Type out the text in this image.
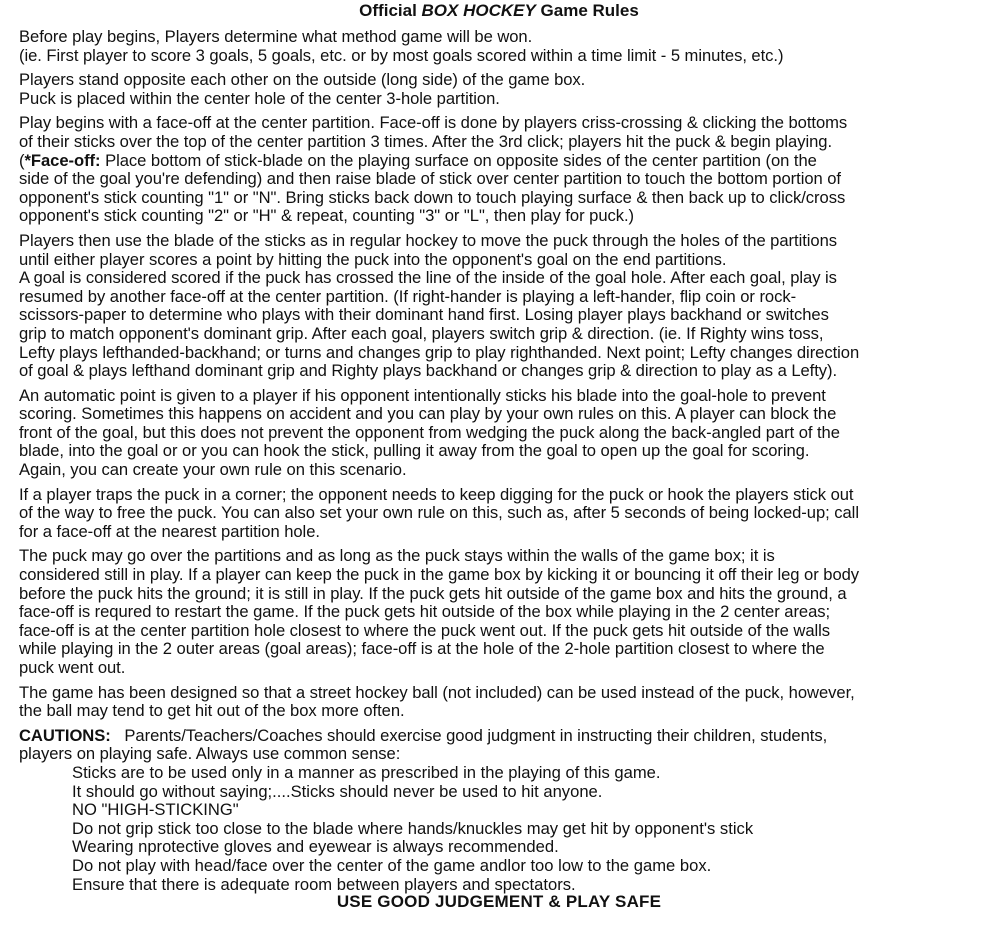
Official BOX HOCKEY Game Rules
Before play begins, Players determine what method game will be won.
(ie. First player to score 3 goals, 5 goals, etc. or by most goals scored within a time limit - 5 minutes, etc.)
Players stand opposite each other on the outside (long side) of the game box.
Puck is placed within the center hole of the center 3-hole partition.
Play begins with a face-off at the center partition. Face-off is done by players criss-crossing & clicking the bottoms
of their sticks over the top of the center partition 3 times. After the 3rd click; players hit the puck & begin playing.
(*Face-off: Place bottom of stick-blade on the playing surface on opposite sides of the center partition (on the
side of the goal you're defending) and then raise blade of stick over center partition to touch the bottom portion of
opponent's stick counting "1" or "N". Bring sticks back down to touch playing surface & then back up to click/cross
opponent's stick counting "2" or "H" & repeat, counting "3" or "L", then play for puck.)
Players then use the blade of the sticks as in regular hockey to move the puck through the holes of the partitions
until either player scores a point by hitting the puck into the opponent's goal on the end partitions.
A goal is considered scored if the puck has crossed the line of the inside of the goal hole. After each goal, play is
resumed by another face-off at the center partition. (If right-hander is playing a left-hander, flip coin or rock-
scissors-paper to determine who plays with their dominant hand first. Losing player plays backhand or switches
grip to match opponent's dominant grip. After each goal, players switch grip & direction. (ie. If Righty wins toss,
Lefty plays lefthanded-backhand; or turns and changes grip to play righthanded. Next point; Lefty changes direction
of goal & plays lefthand dominant grip and Righty plays backhand or changes grip & direction to play as a Lefty).
An automatic point is given to a player if his opponent intentionally sticks his blade into the goal-hole to prevent
scoring. Sometimes this happens on accident and you can play by your own rules on this. A player can block the
front of the goal, but this does not prevent the opponent from wedging the puck along the back-angled part of the
blade, into the goal or or you can hook the stick, pulling it away from the goal to open up the goal for scoring.
Again, you can create your own rule on this scenario.
If a player traps the puck in a corner; the opponent needs to keep digging for the puck or hook the players stick out
of the way to free the puck. You can also set your own rule on this, such as, after 5 seconds of being locked-up; call
for a face-off at the nearest partition hole.
The puck may go over the partitions and as long as the puck stays within the walls of the game box; it is
considered still in play. If a player can keep the puck in the game box by kicking it or bouncing it off their leg or body
before the puck hits the ground; it is still in play. If the puck gets hit outside of the game box and hits the ground, a
face-off is requred to restart the game. If the puck gets hit outside of the box while playing in the 2 center areas;
face-off is at the center partition hole closest to where the puck went out. If the puck gets hit outside of the walls
while playing in the 2 outer areas (goal areas); face-off is at the hole of the 2-hole partition closest to where the
puck went out.
The game has been designed so that a street hockey ball (not included) can be used instead of the puck, however,
the ball may tend to get hit out of the box more often.
CAUTIONS:   Parents/Teachers/Coaches should exercise good judgment in instructing their children, students,
players on playing safe. Always use common sense:
Sticks are to be used only in a manner as prescribed in the playing of this game.
It should go without saying;....Sticks should never be used to hit anyone.
NO "HIGH-STICKING"
Do not grip stick too close to the blade where hands/knuckles may get hit by opponent's stick
Wearing nprotective gloves and eyewear is always recommended.
Do not play with head/face over the center of the game andlor too low to the game box.
Ensure that there is adequate room between players and spectators.
USE GOOD JUDGEMENT & PLAY SAFE
